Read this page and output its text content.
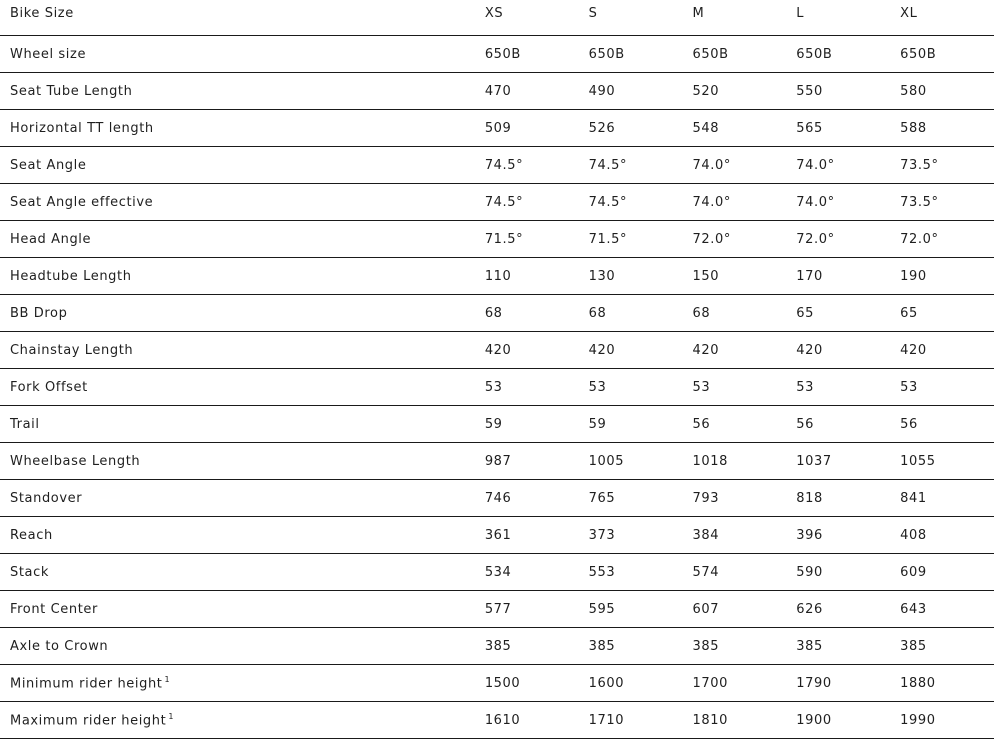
Bike Size	XS	S	M	L	XL
Wheel size	650B	650B	650B	650B	650B
Seat Tube Length	470	490	520	550	580
Horizontal TT length	509	526	548	565	588
Seat Angle	74.5°	74.5°	74.0°	74.0°	73.5°
Seat Angle effective	74.5°	74.5°	74.0°	74.0°	73.5°
Head Angle	71.5°	71.5°	72.0°	72.0°	72.0°
Headtube Length	110	130	150	170	190
BB Drop	68	68	68	65	65
Chainstay Length	420	420	420	420	420
Fork Offset	53	53	53	53	53
Trail	59	59	56	56	56
Wheelbase Length	987	1005	1018	1037	1055
Standover	746	765	793	818	841
Reach	361	373	384	396	408
Stack	534	553	574	590	609
Front Center	577	595	607	626	643
Axle to Crown	385	385	385	385	385
Minimum rider height $^1$	1500	1600	1700	1790	1880
Maximum rider height $^1$	1610	1710	1810	1900	1990
